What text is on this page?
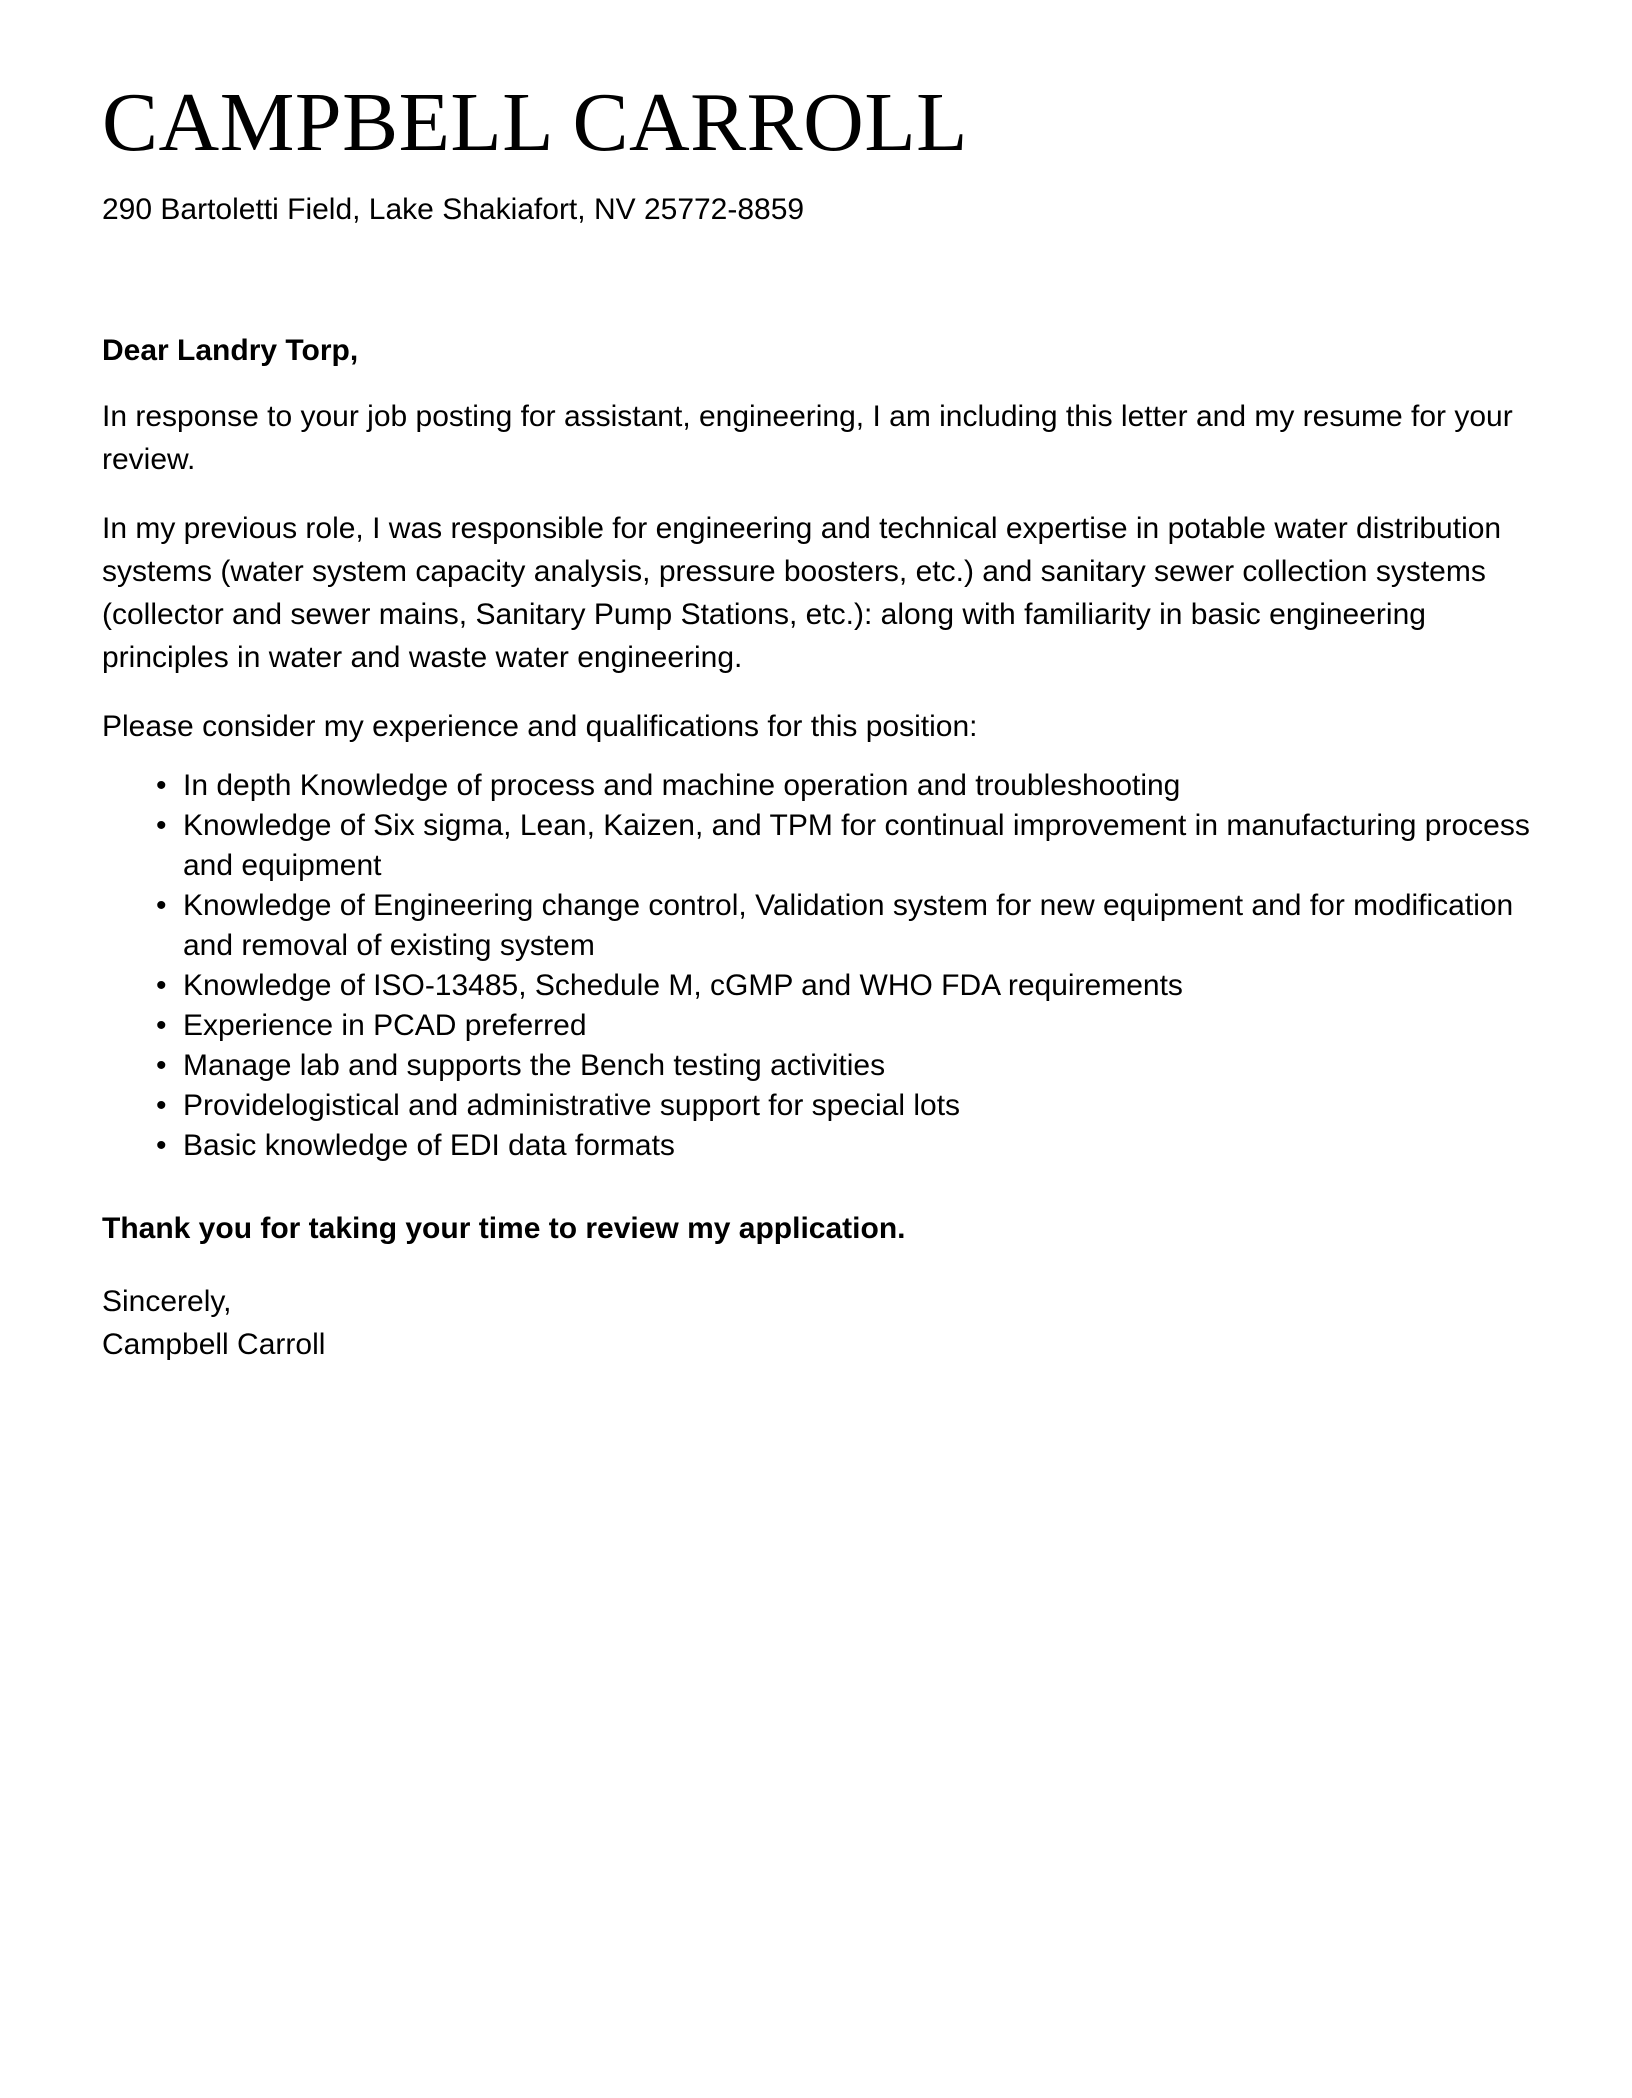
CAMPBELL CARROLL
290 Bartoletti Field, Lake Shakiafort, NV 25772-8859
Dear Landry Torp,
In response to your job posting for assistant, engineering, I am including this letter and my resume for your review.
In my previous role, I was responsible for engineering and technical expertise in potable water distribution systems (water system capacity analysis, pressure boosters, etc.) and sanitary sewer collection systems (collector and sewer mains, Sanitary Pump Stations, etc.): along with familiarity in basic engineering principles in water and waste water engineering.
Please consider my experience and qualifications for this position:
• In depth Knowledge of process and machine operation and troubleshooting
• Knowledge of Six sigma, Lean, Kaizen, and TPM for continual improvement in manufacturing process and equipment
• Knowledge of Engineering change control, Validation system for new equipment and for modification and removal of existing system
• Knowledge of ISO-13485, Schedule M, cGMP and WHO FDA requirements
• Experience in PCAD preferred
• Manage lab and supports the Bench testing activities
• Providelogistical and administrative support for special lots
• Basic knowledge of EDI data formats
Thank you for taking your time to review my application.
Sincerely,
Campbell Carroll
